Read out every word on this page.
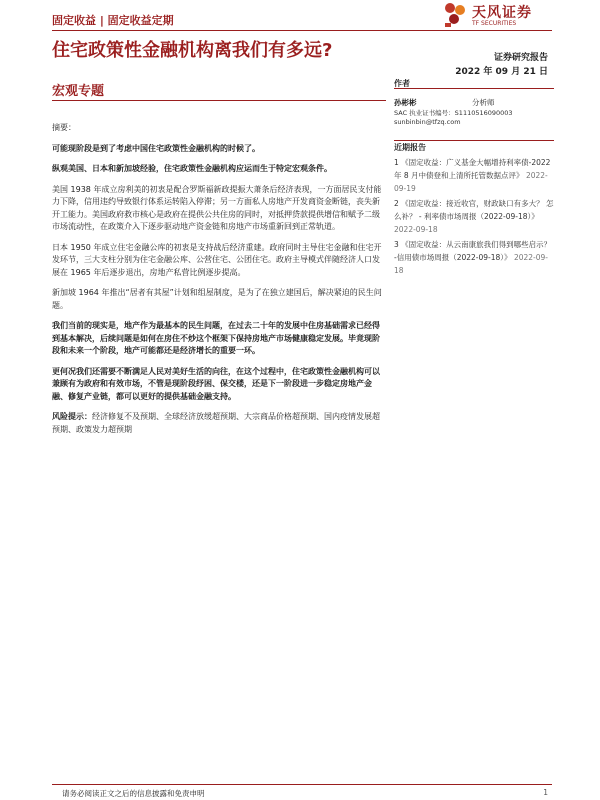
固定收益 | 固定收益定期	天风证券
TF SECURITIES
住宅政策性金融机构离我们有多远?	证券研究报告
2022 年 09 月 21 日
宏观专题
作者
孙彬彬	分析师
SAC 执业证书编号：S1110516090003
sunbinbin@tfzq.com
近期报告
1 《固定收益：广义基金大幅增持利率债-2022 年 8 月中债登和上清所托管数据点评》 2022-09-19
2 《固定收益：接近收官，财政缺口有多大？ 怎么补？ - 利率债市场周报（2022-09-18）》 2022-09-18
3 《固定收益：从云南康旅我们得到哪些启示？ -信用债市场周报（2022-09-18）》 2022-09-18

摘要：

可能现阶段是到了考虑中国住宅政策性金融机构的时候了。

纵观美国、日本和新加坡经验，住宅政策性金融机构应运而生于特定宏观条件。

美国 1938 年成立房利美的初衷是配合罗斯福新政提振大萧条后经济表现，一方面居民支付能力下降，信用违约导致银行体系运转陷入停滞；另一方面私人房地产开发商资金断链，丧失新开工能力。美国政府救市核心是政府在提供公共住房的同时，对抵押贷款提供增信和赋予二级市场流动性，在政策介入下逐步驱动地产资金链和房地产市场重新回到正常轨道。

日本 1950 年成立住宅金融公库的初衷是支持战后经济重建。政府同时主导住宅金融和住宅开发环节，三大支柱分别为住宅金融公库、公营住宅、公团住宅。政府主导模式伴随经济人口发展在 1965 年后逐步退出，房地产私营比例逐步提高。

新加坡 1964 年推出“居者有其屋”计划和组屋制度，是为了在独立建国后，解决紧迫的民生问题。

我们当前的现实是，地产作为最基本的民生问题，在过去二十年的发展中住房基础需求已经得到基本解决，后续问题是如何在房住不炒这个框架下保持房地产市场健康稳定发展。毕竟现阶段和未来一个阶段，地产可能都还是经济增长的重要一环。

更何况我们还需要不断满足人民对美好生活的向往，在这个过程中，住宅政策性金融机构可以兼顾有为政府和有效市场，不管是现阶段纾困、保交楼，还是下一阶段进一步稳定房地产金融、修复产业链，都可以更好的提供基础金融支持。

风险提示：经济修复不及预期、全球经济放缓超预期、大宗商品价格超预期、国内疫情发展超预期、政策发力超预期

请务必阅读正文之后的信息披露和免责申明	1
